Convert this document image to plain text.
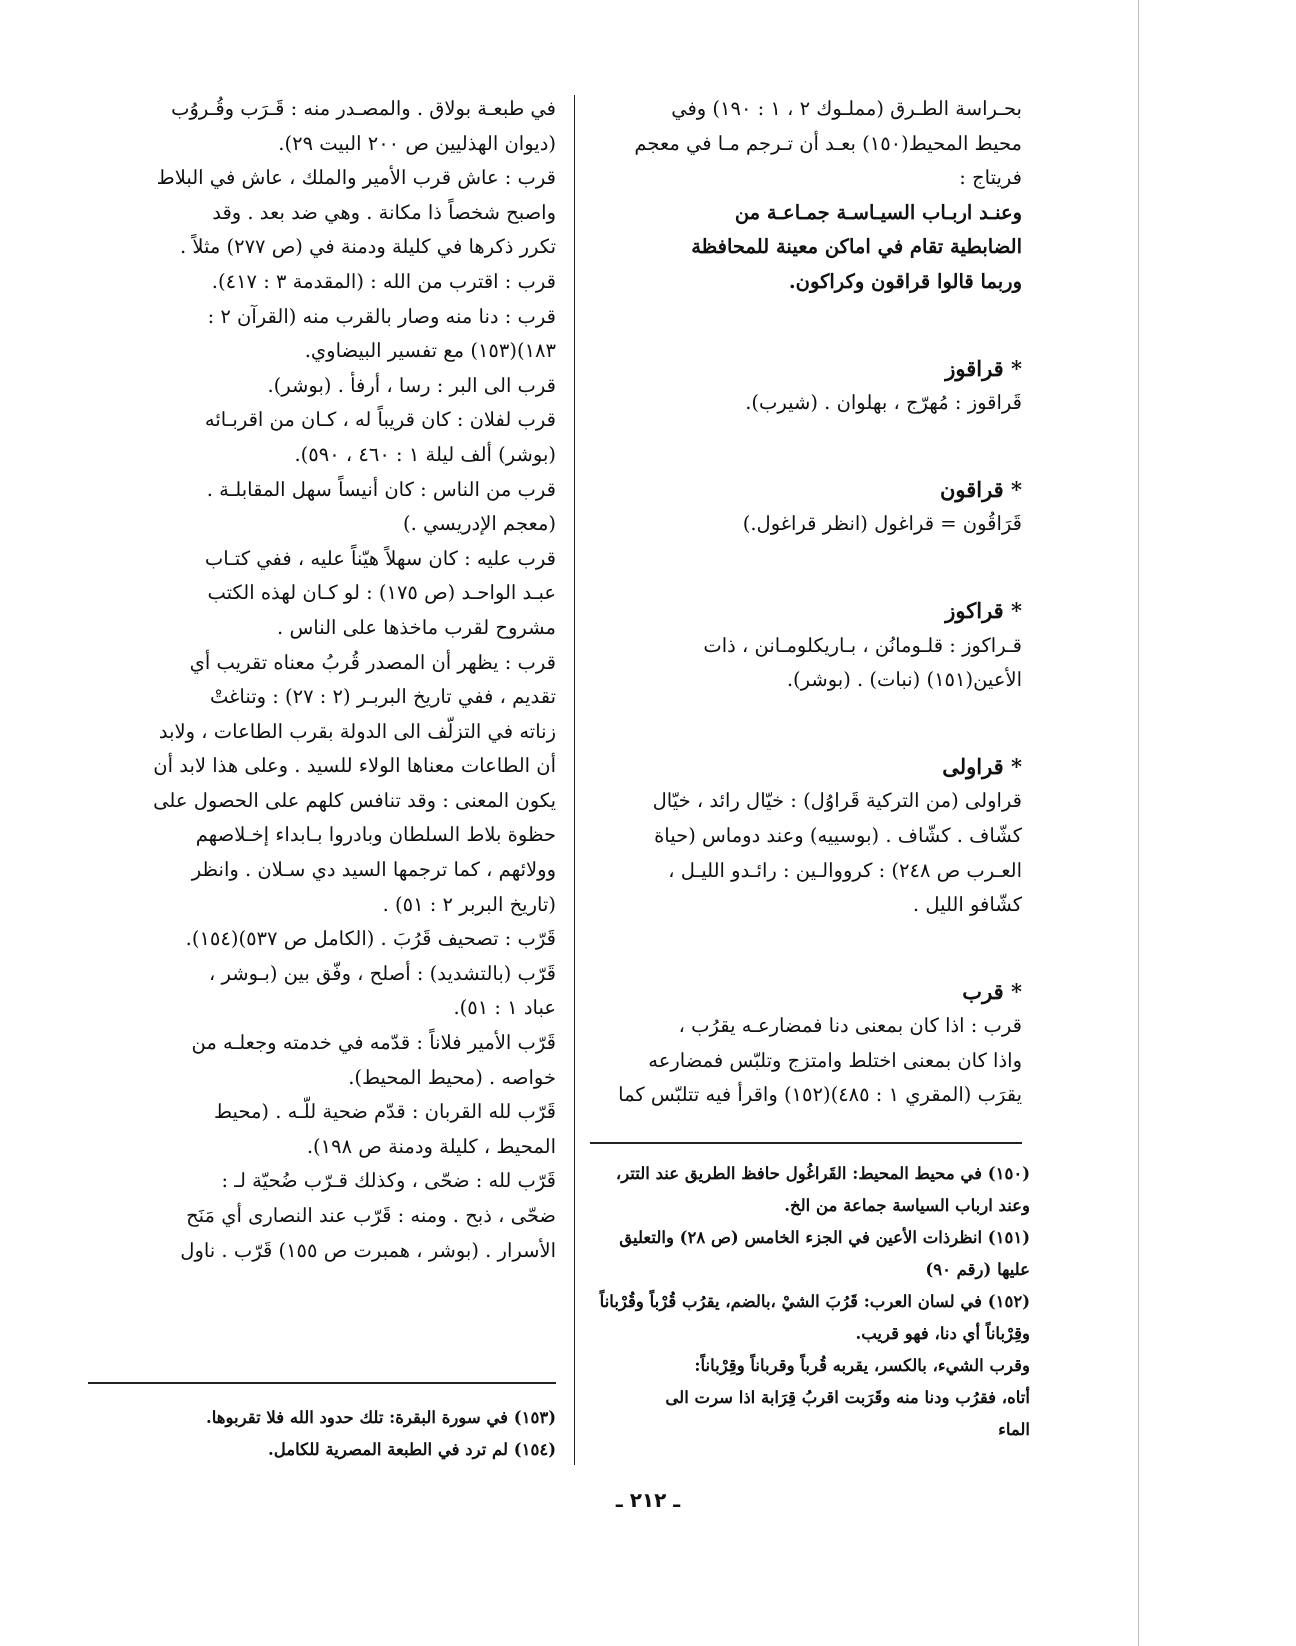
بحـراسة الطـرق (مملـوك ٢ ، ١ : ١٩٠) وفي
محيط المحيط(١٥٠) بعـد أن تـرجم مـا في معجم
فريتاج :
وعنـد اربـاب السيـاسـة جمـاعـة من
الضابطية تقام في اماكن معينة للمحافظة
وربما قالوا قراقون وكراكون.
* قراقوز
قَراقوز : مُهرّج ، بهلوان . (شيرب).
* قراقون
قَرَاقُون = قراغول (انظر قراغول.)
* قراكوز
قـراكوز : قلـومانُن ، بـاريكلومـانن ، ذات
الأعين(١٥١) (نبات) . (بوشر).
* قراولى
قراولى (من التركية قَراوُل) : خيّال رائد ، خيّال
كشّاف . كشّاف . (بوسييه) وعند دوماس (حياة
العـرب ص ٢٤٨) : كرووالـين : رائـدو الليـل ،
كشّافو الليل .
* قرب
قرب : اذا كان بمعنى دنا فمضارعـه يقرُب ،
واذا كان بمعنى اختلط وامتزج وتلبّس فمضارعه
يقرَب (المقري ١ : ٤٨٥)(١٥٢) واقرأ فيه تتلبّس كما
في طبعـة بولاق . والمصـدر منه : قَـرَب وقُـروُب
(ديوان الهذليين ص ٢٠٠ البيت ٢٩).
قرب : عاش قرب الأمير والملك ، عاش في البلاط
واصبح شخصاً ذا مكانة . وهي ضد بعد . وقد
تكرر ذكرها في كليلة ودمنة في (ص ٢٧٧) مثلاً .
قرب : اقترب من الله : (المقدمة ٣ : ٤١٧).
قرب : دنا منه وصار بالقرب منه (القرآن ٢ :
١٨٣)(١٥٣) مع تفسير البيضاوي.
قرب الى البر : رسا ، أرفأ . (بوشر).
قرب لفلان : كان قريباً له ، كـان من اقربـائه
(بوشر) ألف ليلة ١ : ٤٦٠ ، ٥٩٠).
قرب من الناس : كان أنيساً سهل المقابلـة .
(معجم الإدريسي .)
قرب عليه : كان سهلاً هيّناً عليه ، ففي كتـاب
عبـد الواحـد (ص ١٧٥) : لو كـان لهذه الكتب
مشروح لقرب ماخذها على الناس .
قرب : يظهر أن المصدر قُربُ معناه تقريب أي
تقديم ، ففي تاريخ البربـر (٢ : ٢٧) : وتناغتْ
زناته في التزلّف الى الدولة بقرب الطاعات ، ولابد
أن الطاعات معناها الولاء للسيد . وعلى هذا لابد أن
يكون المعنى : وقد تنافس كلهم على الحصول على
حظوة بلاط السلطان وبادروا بـابداء إخـلاصهم
وولائهم ، كما ترجمها السيد دي سـلان . وانظر
(تاريخ البربر ٢ : ٥١) .
قَرّب : تصحيف قَرُبَ . (الكامل ص ٥٣٧)(١٥٤).
قَرّب (بالتشديد) : أصلح ، وفّق بين (بـوشر ،
عباد ١ : ٥١).
قَرّب الأمير فلاناً : قدّمه في خدمته وجعلـه من
خواصه . (محيط المحيط).
قَرّب لله القربان : قدّم ضحية للّـه . (محيط
المحيط ، كليلة ودمنة ص ١٩٨).
قَرّب لله : ضحّى ، وكذلك قـرّب ضُحيّة لـ :
ضحّى ، ذبح . ومنه : قَرّب عند النصارى أي مَنَح
الأسرار . (بوشر ، همبرت ص ١٥٥) قَرّب . ناول
(١٥٠) في محيط المحيط: القَراغُول حافظ الطريق عند التتر،
وعند ارباب السياسة جماعة من الخ.
(١٥١) انظرذات الأعين في الجزء الخامس (ص ٢٨) والتعليق
عليها (رقم ٩٠)
(١٥٢) في لسان العرب: قَرُبَ الشيْ ،بالضم، يقرُب قُرْباً وقُرْباناً
وقِرْباناً أي دنا، فهو قريب.
وقرب الشيء، بالكسر، يقربه قُرباً وقرباناً وقِرْباناً:
أتاه، فقرُب ودنا منه وقَرَبت اقربُ قِرَابة اذا سرت الى
الماء
(١٥٣) في سورة البقرة: تلك حدود الله فلا تقربوها.
(١٥٤) لم ترد في الطبعة المصرية للكامل.
ـ ٢١٢ ـ
